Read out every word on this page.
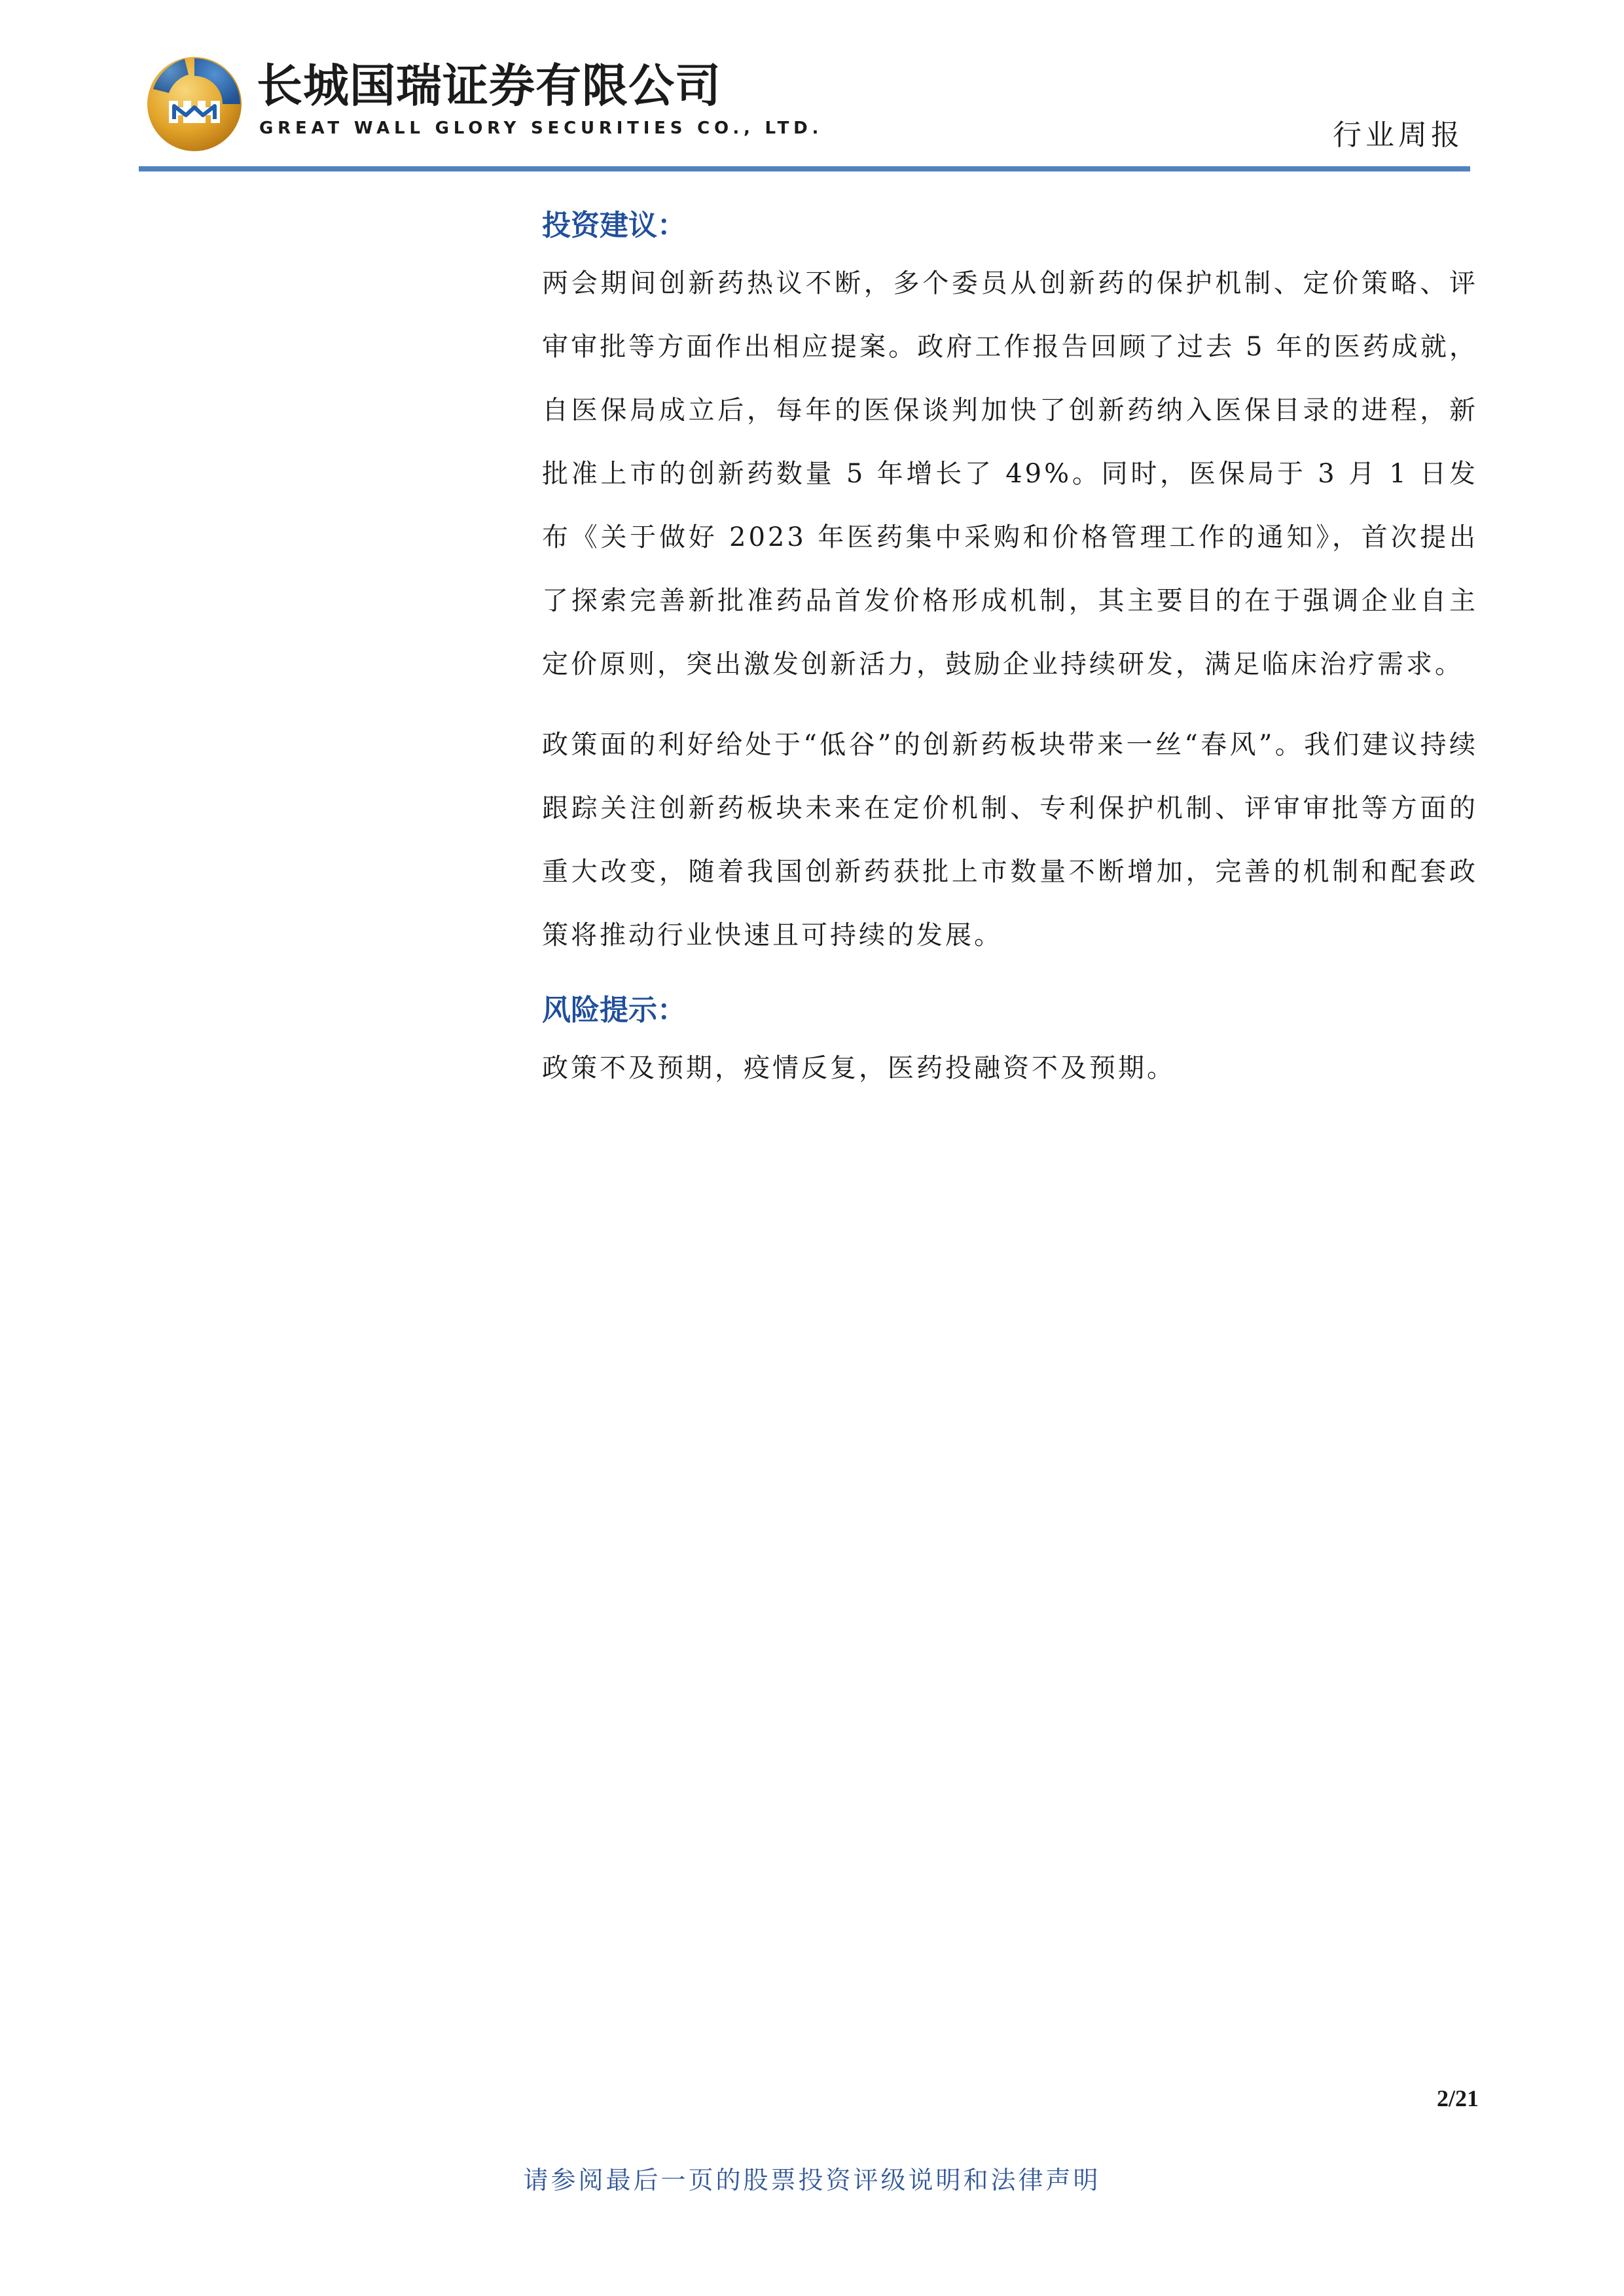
长城国瑞证券有限公司
GREAT WALL GLORY SECURITIES CO., LTD.	行业周报
投资建议：

两会期间创新药热议不断，多个委员从创新药的保护机制、定价策略、评审审批等方面作出相应提案。政府工作报告回顾了过去 5 年的医药成就，自医保局成立后，每年的医保谈判加快了创新药纳入医保目录的进程，新批准上市的创新药数量 5 年增长了 49%。同时，医保局于 3 月 1 日发布《关于做好 2023 年医药集中采购和价格管理工作的通知》，首次提出了探索完善新批准药品首发价格形成机制，其主要目的在于强调企业自主定价原则，突出激发创新活力，鼓励企业持续研发，满足临床治疗需求。

政策面的利好给处于“低谷”的创新药板块带来一丝“春风”。我们建议持续跟踪关注创新药板块未来在定价机制、专利保护机制、评审审批等方面的重大改变，随着我国创新药获批上市数量不断增加，完善的机制和配套政策将推动行业快速且可持续的发展。

风险提示：

政策不及预期，疫情反复，医药投融资不及预期。

2/21
请参阅最后一页的股票投资评级说明和法律声明
